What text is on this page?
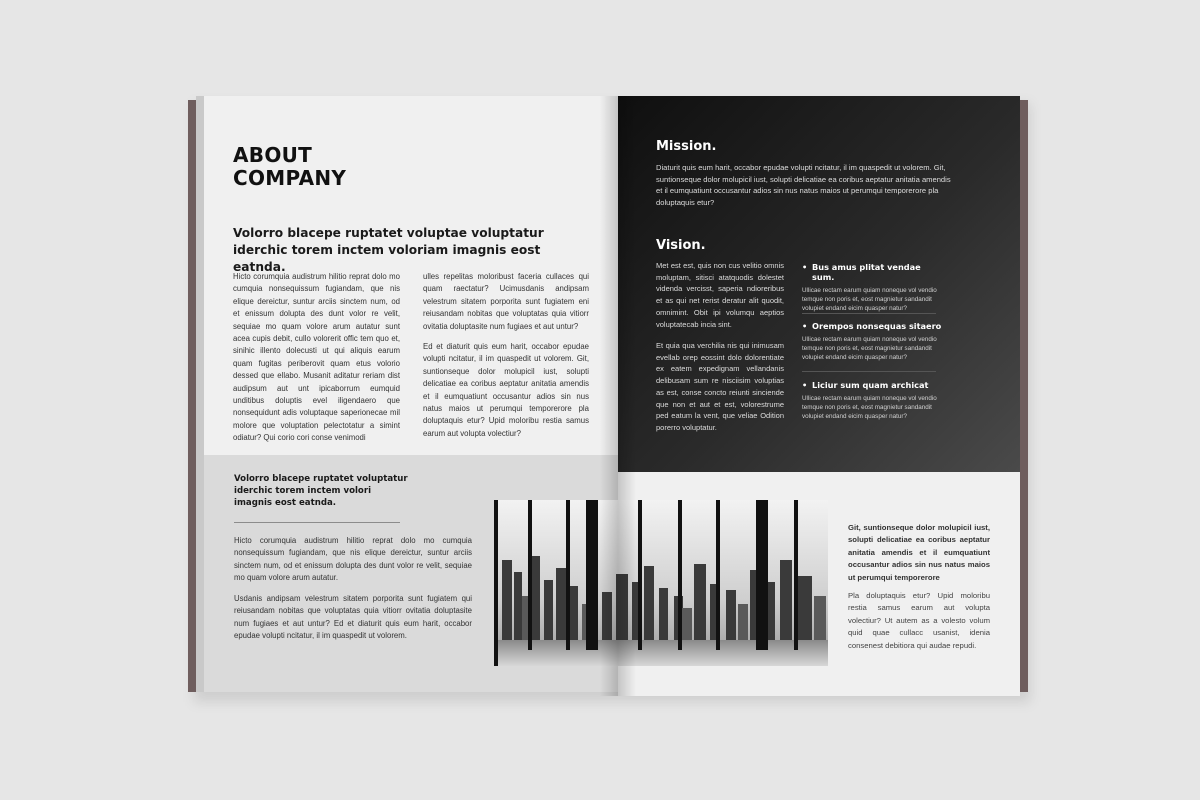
ABOUT
COMPANY
Volorro blacepe ruptatet voluptae voluptatur iderchic torem inctem voloriam imagnis eost eatnda.
Hicto corumquia audistrum hilitio reprat dolo mo cumquia nonsequissum fugiandam, que nis elique dereictur, suntur arciis sinctem num, od et enissum dolupta des dunt volor re velit, sequiae mo quam volore arum autatur sunt acea cupis debit, cullo volorerit offic tem quo et, sinihic illento dolecusti ut qui aliquis earum quam fugitas periberovit quam etus volorio dessed que ellabo. Musanit aditatur reriam dist audipsum aut unt ipicaborrum eumquid unditibus doluptis evel iligendaero que nonsequidunt adis voluptaque saperionecae mil molore que voluptation pelectotatur a simint odiatur? Qui corio cori conse venimodi
ulles repelitas moloribust faceria cullaces qui quam raectatur? Ucimusdanis andipsam velestrum sitatem porporita sunt fugiatem eni reiusandam nobitas que voluptatas quia vitiorr ovitatia doluptasite num fugiaes et aut untur?
Ed et diaturit quis eum harit, occabor epudae volupti ncitatur, il im quaspedit ut volorem. Git, suntionseque dolor molupicil iust, solupti delicatiae ea coribus aeptatur anitatia amendis et il eumquatiunt occusantur adios sin nus natus maios ut perumqui temporerore pla doluptaquis etur? Upid moloribu restia samus earum aut volupta volectiur?
Volorro blacepe ruptatet voluptatur iderchic torem inctem volori imagnis eost eatnda.
Hicto corumquia audistrum hilitio reprat dolo mo cumquia nonsequissum fugiandam, que nis elique dereictur, suntur arciis sinctem num, od et enissum dolupta des dunt volor re velit, sequiae mo quam volore arum autatur.
Usdanis andipsam velestrum sitatem porporita sunt fugiatem qui reiusandam nobitas que voluptatas quia vitiorr ovitatia doluptasite num fugiaes et aut untur? Ed et diaturit quis eum harit, occabor epudae volupti ncitatur, il im quaspedit ut volorem.
Mission.
Diaturit quis eum harit, occabor epudae volupti ncitatur, il im quaspedit ut volorem. Git, suntionseque dolor molupicil iust, solupti delicatiae ea coribus aeptatur anitatia amendis et il eumquatiunt occusantur adios sin nus natus maios ut perumqui temporerore pla doluptaquis etur?
Vision.
Met est est, quis non cus velitio omnis moluptam, sitisci atatquodis dolestet videnda vercisst, saperia ndioreribus et as qui net rerist deratur alit quodit, omnimint. Obit ipi volumqu aeptios voluptatecab incia sint.
Et quia qua verchilia nis qui inimusam evellab orep eossint dolo dolorentiate ex eatem expedignam vellandanis delibusam sum re nisciisim voluptias as est, conse concto reiunti sinciende que non et aut et est, volorestrume ped eatum la vent, que veliae Odition porerro voluptatur.
• Bus amus plitat vendae sum.
Ullicae rectam earum quiam noneque vol vendio temque non poris et, eost magnietur sandandit volupiet endand eicim quasper natur?
• Orempos nonsequas sitaero
Ullicae rectam earum quiam noneque vol vendio temque non poris et, eost magnietur sandandit volupiet endand eicim quasper natur?
• Liciur sum quam archicat
Ullicae rectam earum quiam noneque vol vendio temque non poris et, eost magnietur sandandit volupiet endand eicim quasper natur?
Git, suntionseque dolor molupicil iust, solupti delicatiae ea coribus aeptatur anitatia amendis et il eumquatiunt occusantur adios sin nus natus maios ut perumqui temporerore
Pla doluptaquis etur? Upid moloribu restia samus earum aut volupta volectiur? Ut autem as a volesto volum quid quae cullacc usanist, idenia consenest debitiora qui audae repudi.
